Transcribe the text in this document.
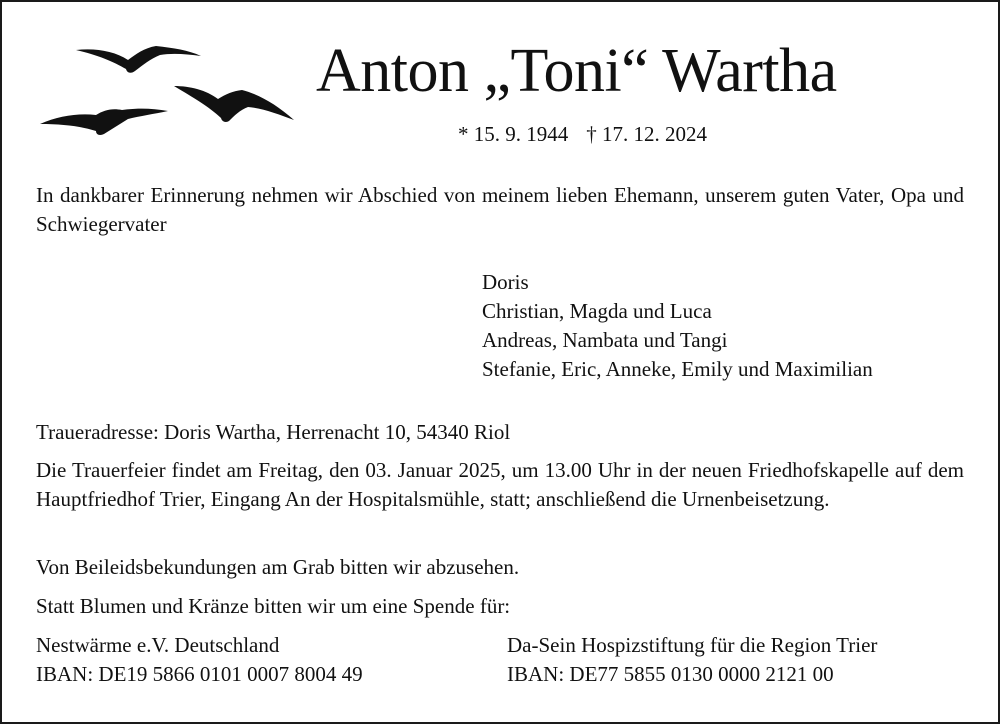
Anton „Toni“ Wartha
* 15. 9. 1944 † 17. 12. 2024
In dankbarer Erinnerung nehmen wir Abschied von meinem lieben Ehemann, unserem guten Vater, Opa und Schwiegervater
Doris
Christian, Magda und Luca
Andreas, Nambata und Tangi
Stefanie, Eric, Anneke, Emily und Maximilian
Traueradresse: Doris Wartha, Herrenacht 10, 54340 Riol
Die Trauerfeier findet am Freitag, den 03. Januar 2025, um 13.00 Uhr in der neuen Friedhofskapelle auf dem Hauptfriedhof Trier, Eingang An der Hospitalsmühle, statt; anschließend die Urnenbeisetzung.
Von Beileidsbekundungen am Grab bitten wir abzusehen.
Statt Blumen und Kränze bitten wir um eine Spende für:
Nestwärme e.V. Deutschland
IBAN: DE19 5866 0101 0007 8004 49
Da-Sein Hospizstiftung für die Region Trier
IBAN: DE77 5855 0130 0000 2121 00
